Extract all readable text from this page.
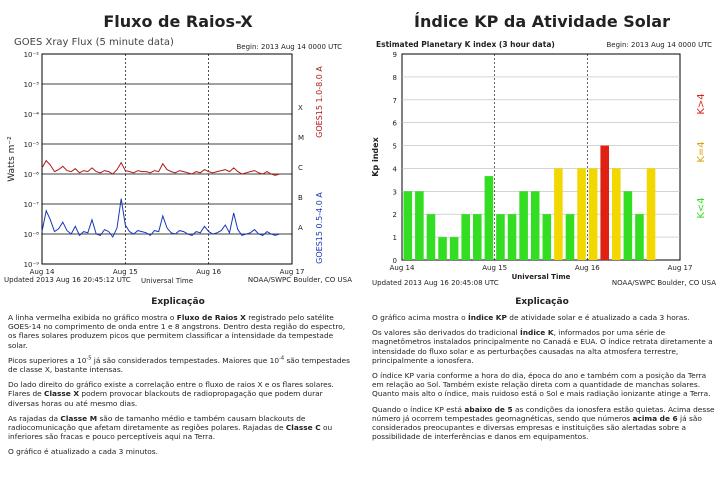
Fluxo de Raios-X
GOES Xray Flux (5 minute data)	Begin: 2013 Aug 14 0000 UTC
Updated 2013 Aug 16 20:45:12 UTC	NOAA/SWPC Boulder, CO USA
10⁻⁹
10⁻⁸
10⁻⁷
10⁻⁶
10⁻⁵
10⁻⁴
10⁻³
10⁻²
Aug 14	Aug 15	Aug 16	Aug 17
Universal Time
Watts m⁻²
X
M
C
B
A
GOES15 1.0-8.0 A
GOES15 0.5-4.0 A
Explicação

A linha vermelha exibida no gráfico mostra o Fluxo de Raios X registrado pelo satélite GOES-14 no comprimento de onda entre 1 e 8 angstrons. Dentro desta região do espectro, os flares solares produzem picos que permitem classificar a intensidade da tempestade solar.

Picos superiores a $10^{-5}$ já são considerados tempestades. Maiores que $10^{-4}$ são tempestades de classe X, bastante intensas.

Do lado direito do gráfico existe a correlação entre o fluxo de raios X e os flares solares. Flares de Classe X podem provocar blackouts de radiopropagação que podem durar diversas horas ou até mesmo dias.

As rajadas da Classe M são de tamanho médio e também causam blackouts de radiocomunicação que afetam diretamente as regiões polares. Rajadas de Classe C ou inferiores são fracas e pouco perceptíveis aqui na Terra.

O gráfico é atualizado a cada 3 minutos.

Índice KP da Atividade Solar
Estimated Planetary K index (3 hour data)	Begin: 2013 Aug 14 0000 UTC
Updated 2013 Aug 16 20:45:08 UTC	NOAA/SWPC Boulder, CO USA
0
1
2
3
4
5
6
7
8
9
Aug 14	Aug 15	Aug 16	Aug 17
Universal Time
Kp index
K<4
K=4
K>4
Explicação

O gráfico acima mostra o Índice KP de atividade solar e é atualizado a cada 3 horas.

Os valores são derivados do tradicional Índice K, informados por uma série de magnetômetros instalados principalmente no Canadá e EUA. O índice retrata diretamente a intensidade do fluxo solar e as perturbações causadas na alta atmosfera terrestre, principalmente a ionosfera.

O índice KP varia conforme a hora do dia, época do ano e também com a posição da Terra em relação ao Sol. Também existe relação direta com a quantidade de manchas solares. Quanto mais alto o índice, mais ruidoso está o Sol e mais radiação ionizante atinge a Terra.

Quando o índice KP está abaixo de 5 as condições da ionosfera estão quietas. Acima desse número já ocorrem tempestades geomagnéticas, sendo que números acima de 6 já são considerados preocupantes e diversas empresas e instituições são alertadas sobre a possibilidade de interferências e danos em equipamentos.
